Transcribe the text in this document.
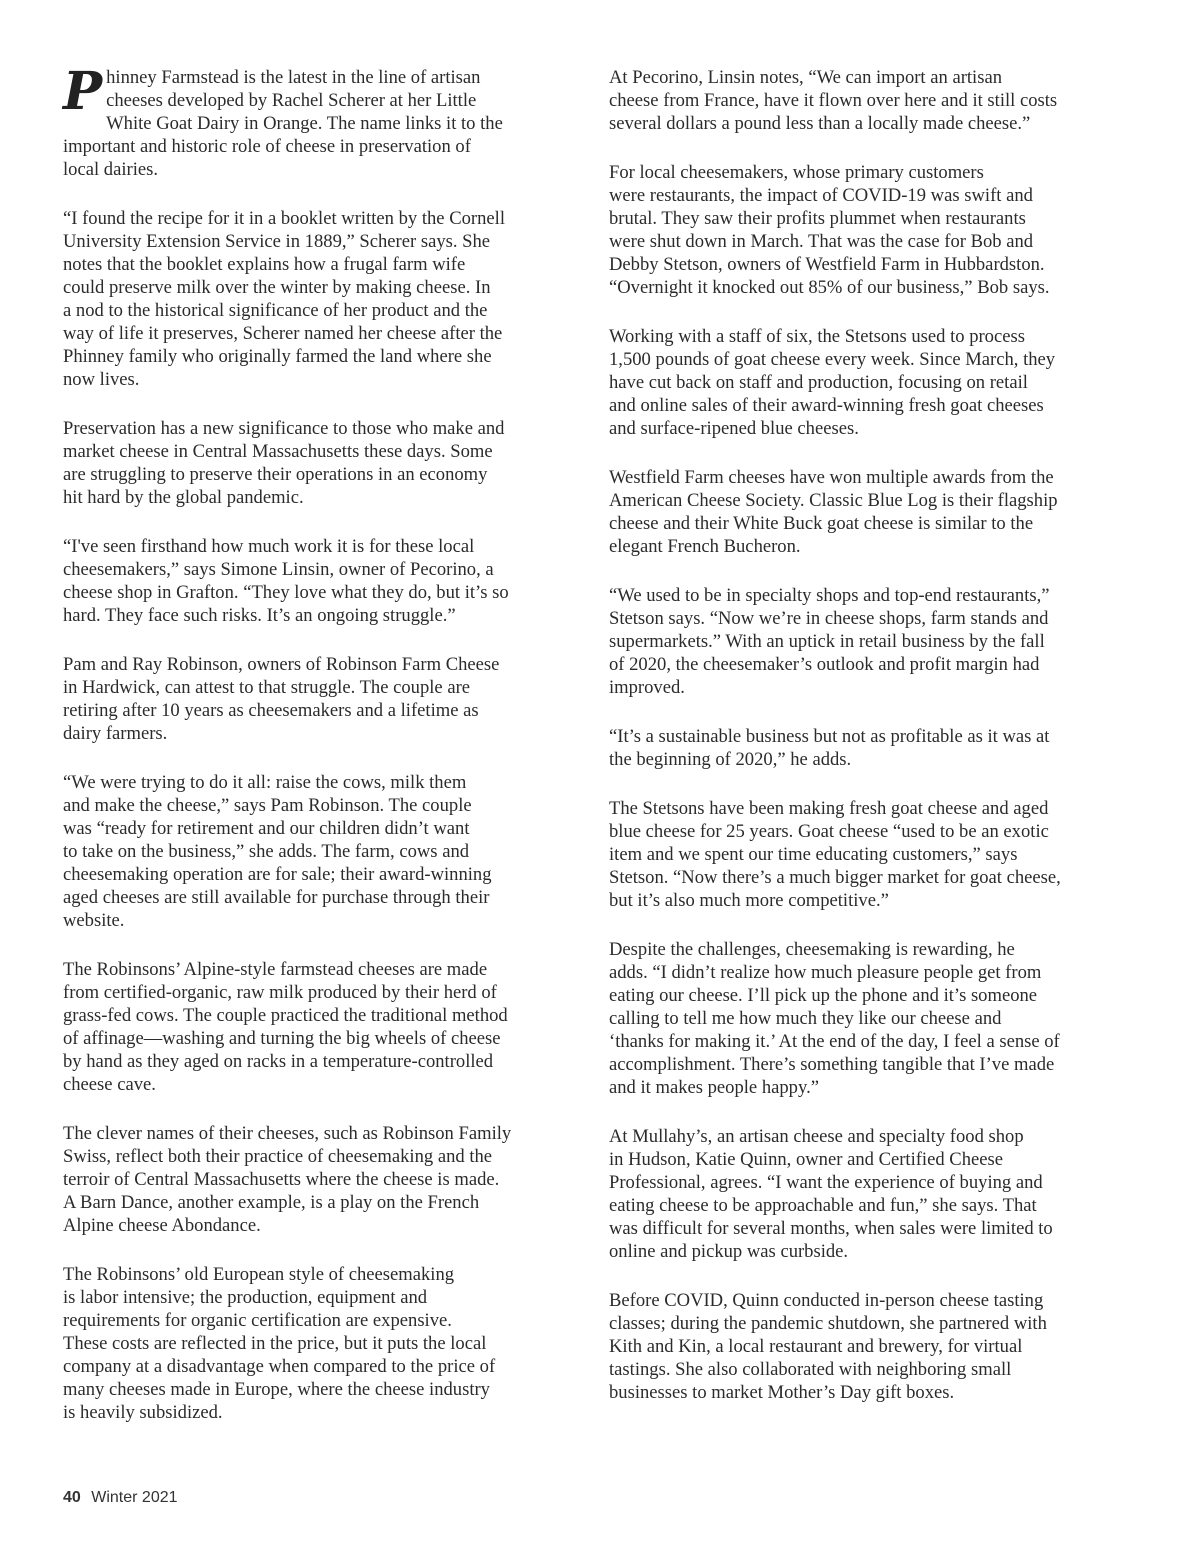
Phinney Farmstead is the latest in the line of artisan
cheeses developed by Rachel Scherer at her Little
White Goat Dairy in Orange. The name links it to the
important and historic role of cheese in preservation of
local dairies.

“I found the recipe for it in a booklet written by the Cornell
University Extension Service in 1889,” Scherer says. She
notes that the booklet explains how a frugal farm wife
could preserve milk over the winter by making cheese. In
a nod to the historical significance of her product and the
way of life it preserves, Scherer named her cheese after the
Phinney family who originally farmed the land where she
now lives.

Preservation has a new significance to those who make and
market cheese in Central Massachusetts these days. Some
are struggling to preserve their operations in an economy
hit hard by the global pandemic.

“I've seen firsthand how much work it is for these local
cheesemakers,” says Simone Linsin, owner of Pecorino, a
cheese shop in Grafton. “They love what they do, but it’s so
hard. They face such risks. It’s an ongoing struggle.”

Pam and Ray Robinson, owners of Robinson Farm Cheese
in Hardwick, can attest to that struggle. The couple are
retiring after 10 years as cheesemakers and a lifetime as
dairy farmers.

“We were trying to do it all: raise the cows, milk them
and make the cheese,” says Pam Robinson. The couple
was “ready for retirement and our children didn’t want
to take on the business,” she adds. The farm, cows and
cheesemaking operation are for sale; their award-winning
aged cheeses are still available for purchase through their
website.

The Robinsons’ Alpine-style farmstead cheeses are made
from certified-organic, raw milk produced by their herd of
grass-fed cows. The couple practiced the traditional method
of affinage—washing and turning the big wheels of cheese
by hand as they aged on racks in a temperature-controlled
cheese cave.

The clever names of their cheeses, such as Robinson Family
Swiss, reflect both their practice of cheesemaking and the
terroir of Central Massachusetts where the cheese is made.
A Barn Dance, another example, is a play on the French
Alpine cheese Abondance.

The Robinsons’ old European style of cheesemaking
is labor intensive; the production, equipment and
requirements for organic certification are expensive.
These costs are reflected in the price, but it puts the local
company at a disadvantage when compared to the price of
many cheeses made in Europe, where the cheese industry
is heavily subsidized.

At Pecorino, Linsin notes, “We can import an artisan
cheese from France, have it flown over here and it still costs
several dollars a pound less than a locally made cheese.”

For local cheesemakers, whose primary customers
were restaurants, the impact of COVID-19 was swift and
brutal. They saw their profits plummet when restaurants
were shut down in March. That was the case for Bob and
Debby Stetson, owners of Westfield Farm in Hubbardston.
“Overnight it knocked out 85% of our business,” Bob says.

Working with a staff of six, the Stetsons used to process
1,500 pounds of goat cheese every week. Since March, they
have cut back on staff and production, focusing on retail
and online sales of their award-winning fresh goat cheeses
and surface-ripened blue cheeses.

Westfield Farm cheeses have won multiple awards from the
American Cheese Society. Classic Blue Log is their flagship
cheese and their White Buck goat cheese is similar to the
elegant French Bucheron.

“We used to be in specialty shops and top-end restaurants,”
Stetson says. “Now we’re in cheese shops, farm stands and
supermarkets.” With an uptick in retail business by the fall
of 2020, the cheesemaker’s outlook and profit margin had
improved.

“It’s a sustainable business but not as profitable as it was at
the beginning of 2020,” he adds.

The Stetsons have been making fresh goat cheese and aged
blue cheese for 25 years. Goat cheese “used to be an exotic
item and we spent our time educating customers,” says
Stetson. “Now there’s a much bigger market for goat cheese,
but it’s also much more competitive.”

Despite the challenges, cheesemaking is rewarding, he
adds. “I didn’t realize how much pleasure people get from
eating our cheese. I’ll pick up the phone and it’s someone
calling to tell me how much they like our cheese and
‘thanks for making it.’ At the end of the day, I feel a sense of
accomplishment. There’s something tangible that I’ve made
and it makes people happy.”

At Mullahy’s, an artisan cheese and specialty food shop
in Hudson, Katie Quinn, owner and Certified Cheese
Professional, agrees. “I want the experience of buying and
eating cheese to be approachable and fun,” she says. That
was difficult for several months, when sales were limited to
online and pickup was curbside.

Before COVID, Quinn conducted in-person cheese tasting
classes; during the pandemic shutdown, she partnered with
Kith and Kin, a local restaurant and brewery, for virtual
tastings. She also collaborated with neighboring small
businesses to market Mother’s Day gift boxes.

40 Winter 2021
